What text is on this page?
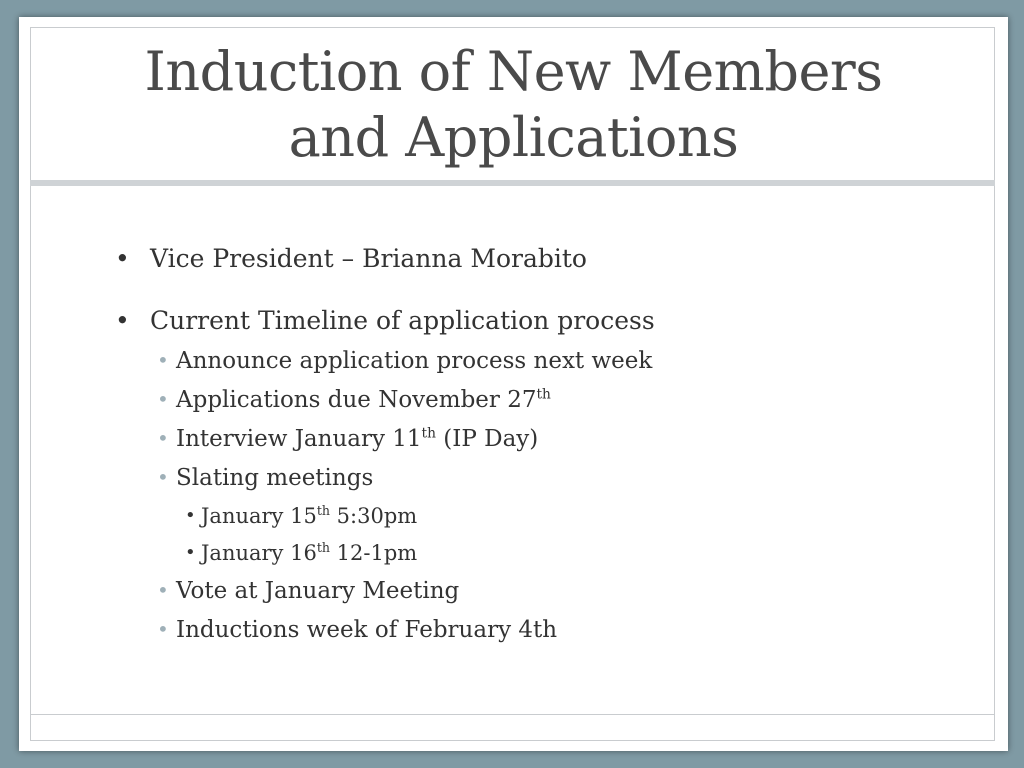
Induction of New Members
and Applications
• Vice President – Brianna Morabito
• Current Timeline of application process
• Announce application process next week
• Applications due November 27th
• Interview January 11th (IP Day)
• Slating meetings
• January 15th 5:30pm
• January 16th 12-1pm
• Vote at January Meeting
• Inductions week of February 4th
